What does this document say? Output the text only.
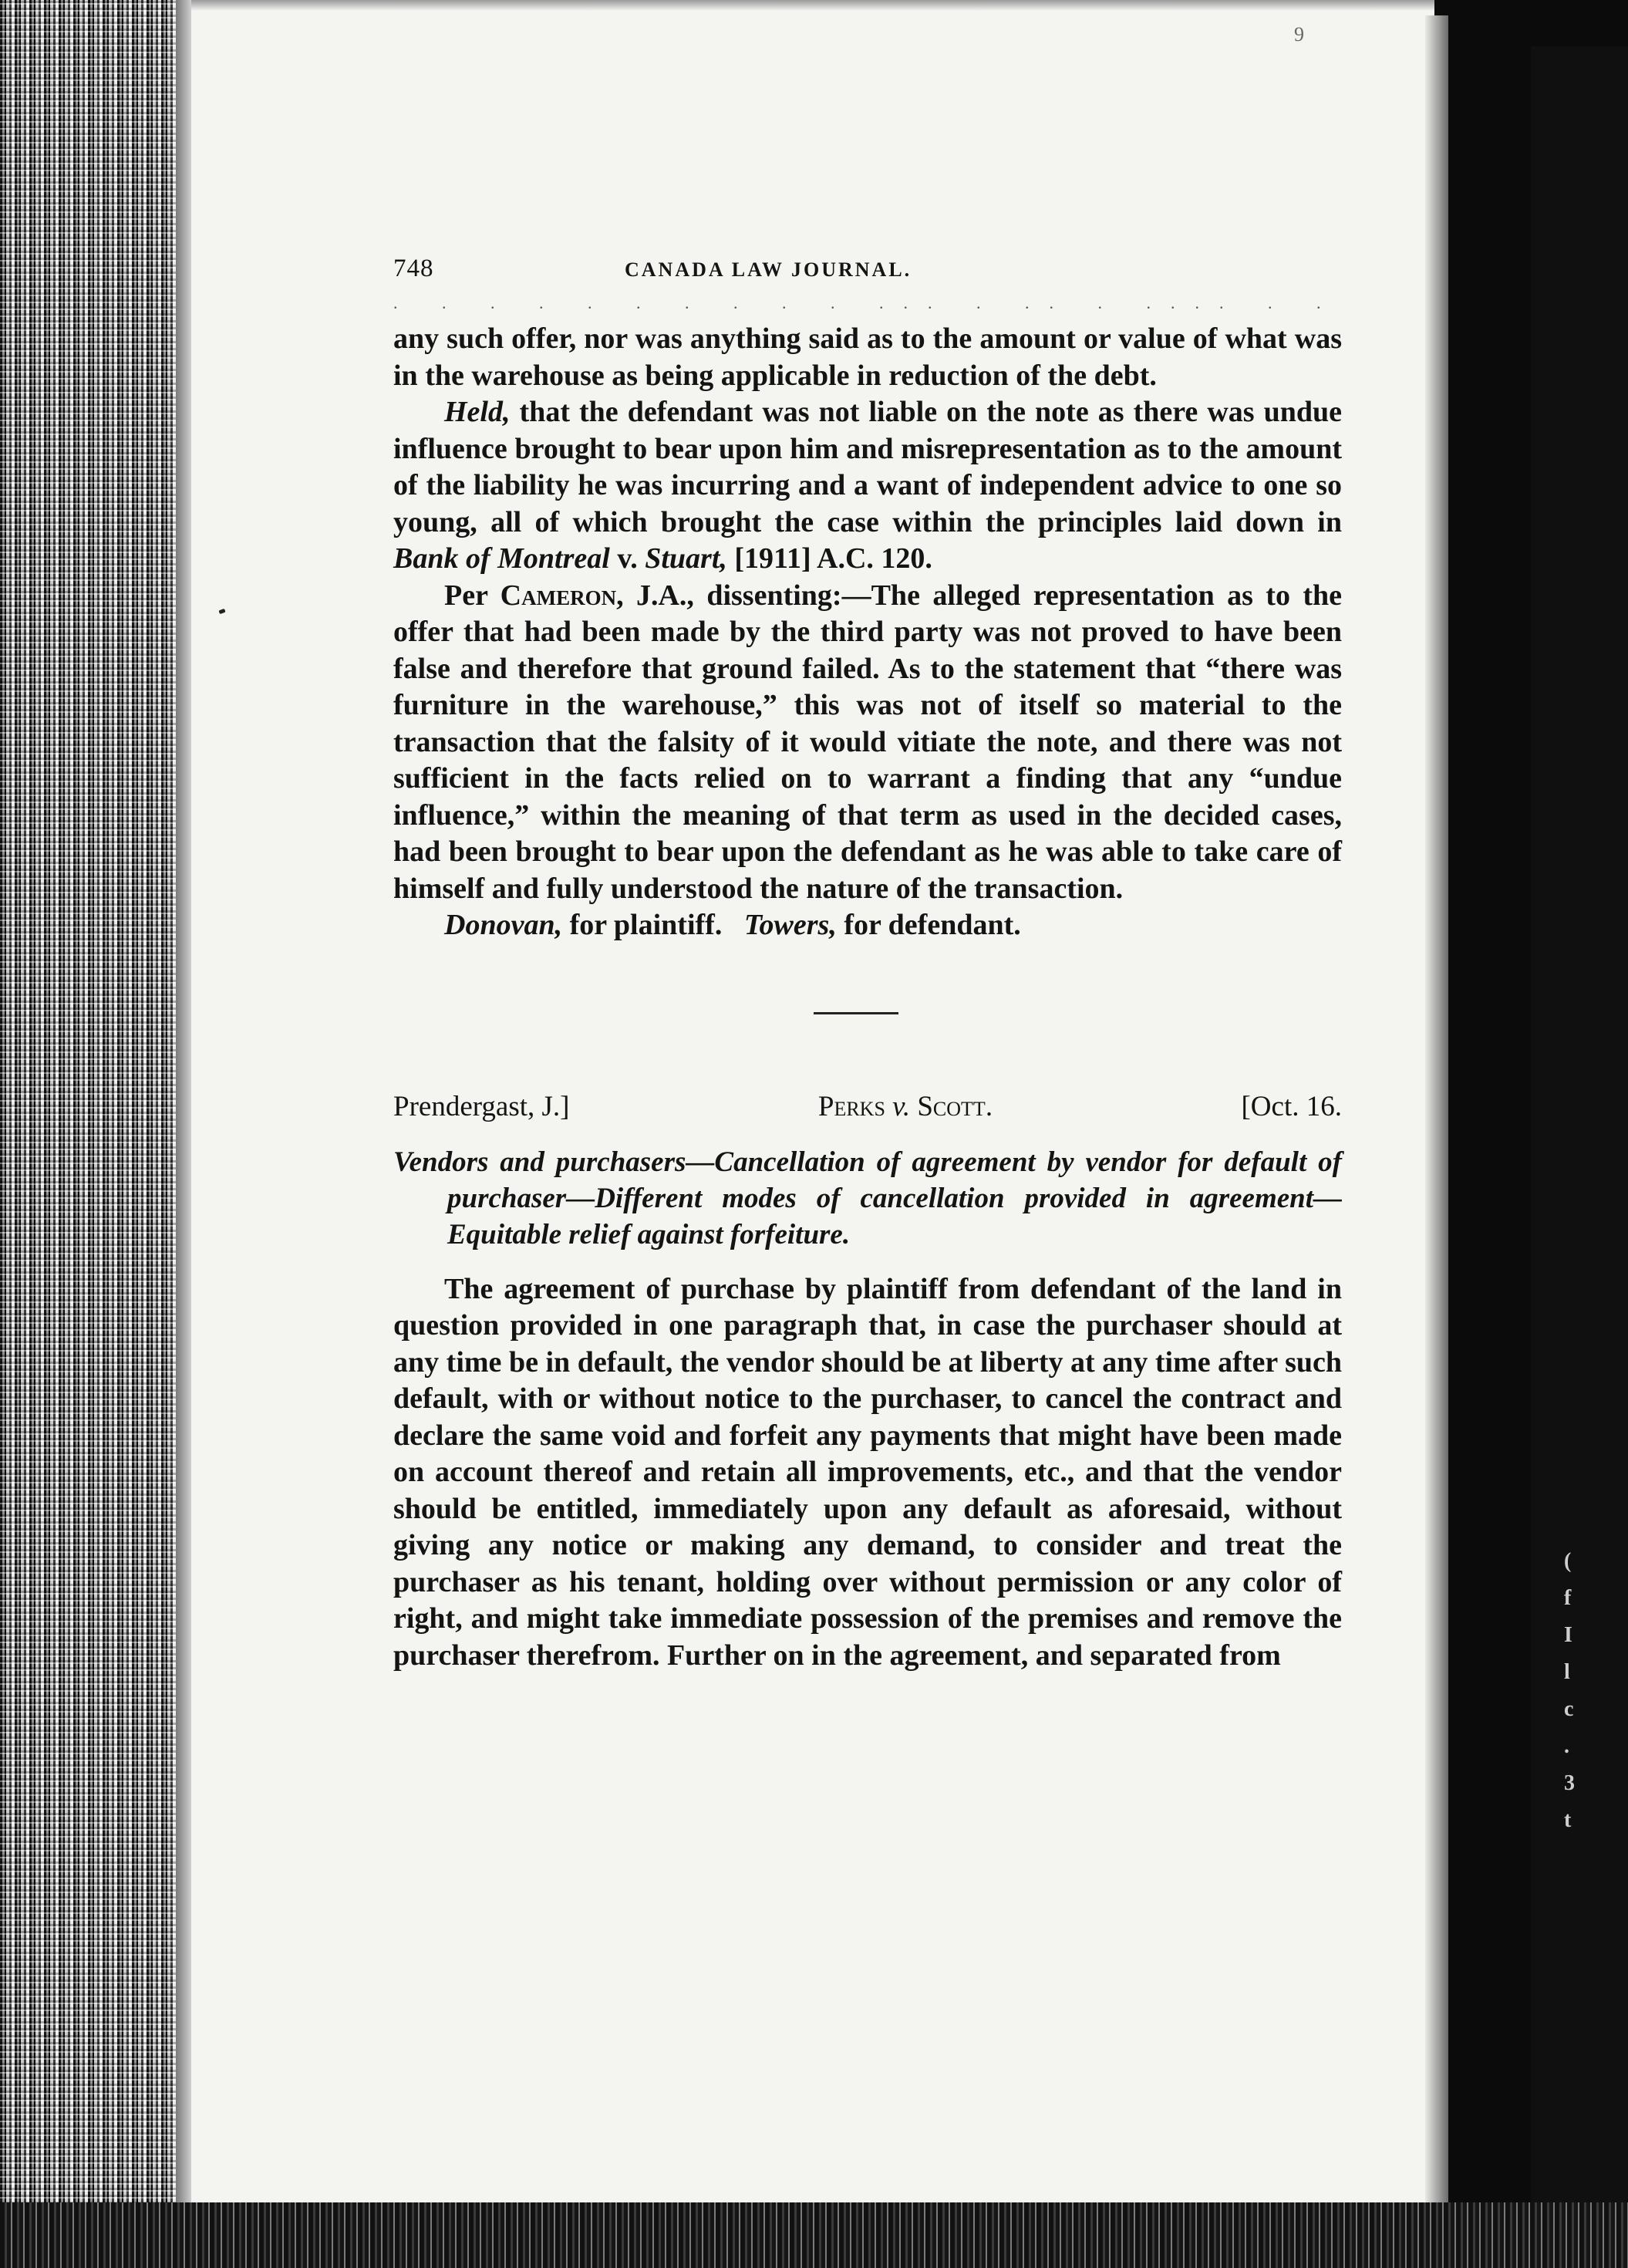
(
f
I
l
c
.
3
t
9
748	CANADA LAW JOURNAL.
. . . . . . . . . . ... . .. . .... . .

any such offer, nor was anything said as to the amount or value of what was in the warehouse as being applicable in reduction of the debt.

Held, that the defendant was not liable on the note as there was undue influence brought to bear upon him and misrepresentation as to the amount of the liability he was incurring and a want of independent advice to one so young, all of which brought the case within the principles laid down in Bank of Montreal v. Stuart, [1911] A.C. 120.

Per Cameron, J.A., dissenting:—The alleged representation as to the offer that had been made by the third party was not proved to have been false and therefore that ground failed. As to the statement that “there was furniture in the warehouse,” this was not of itself so material to the transaction that the falsity of it would vitiate the note, and there was not sufficient in the facts relied on to warrant a finding that any “undue influence,” within the meaning of that term as used in the decided cases, had been brought to bear upon the defendant as he was able to take care of himself and fully understood the nature of the transaction.

Donovan, for plaintiff. Towers, for defendant.

Prendergast, J.]	Perks v. Scott.	[Oct. 16.
Vendors and purchasers—Cancellation of agreement by vendor for default of purchaser—Different modes of cancellation provided in agreement—Equitable relief against forfeiture.

The agreement of purchase by plaintiff from defendant of the land in question provided in one paragraph that, in case the purchaser should at any time be in default, the vendor should be at liberty at any time after such default, with or without notice to the purchaser, to cancel the contract and declare the same void and forfeit any payments that might have been made on account thereof and retain all improvements, etc., and that the vendor should be entitled, immediately upon any default as aforesaid, without giving any notice or making any demand, to consider and treat the purchaser as his tenant, holding over without permission or any color of right, and might take immediate possession of the premises and remove the purchaser therefrom. Further on in the agreement, and separated from
